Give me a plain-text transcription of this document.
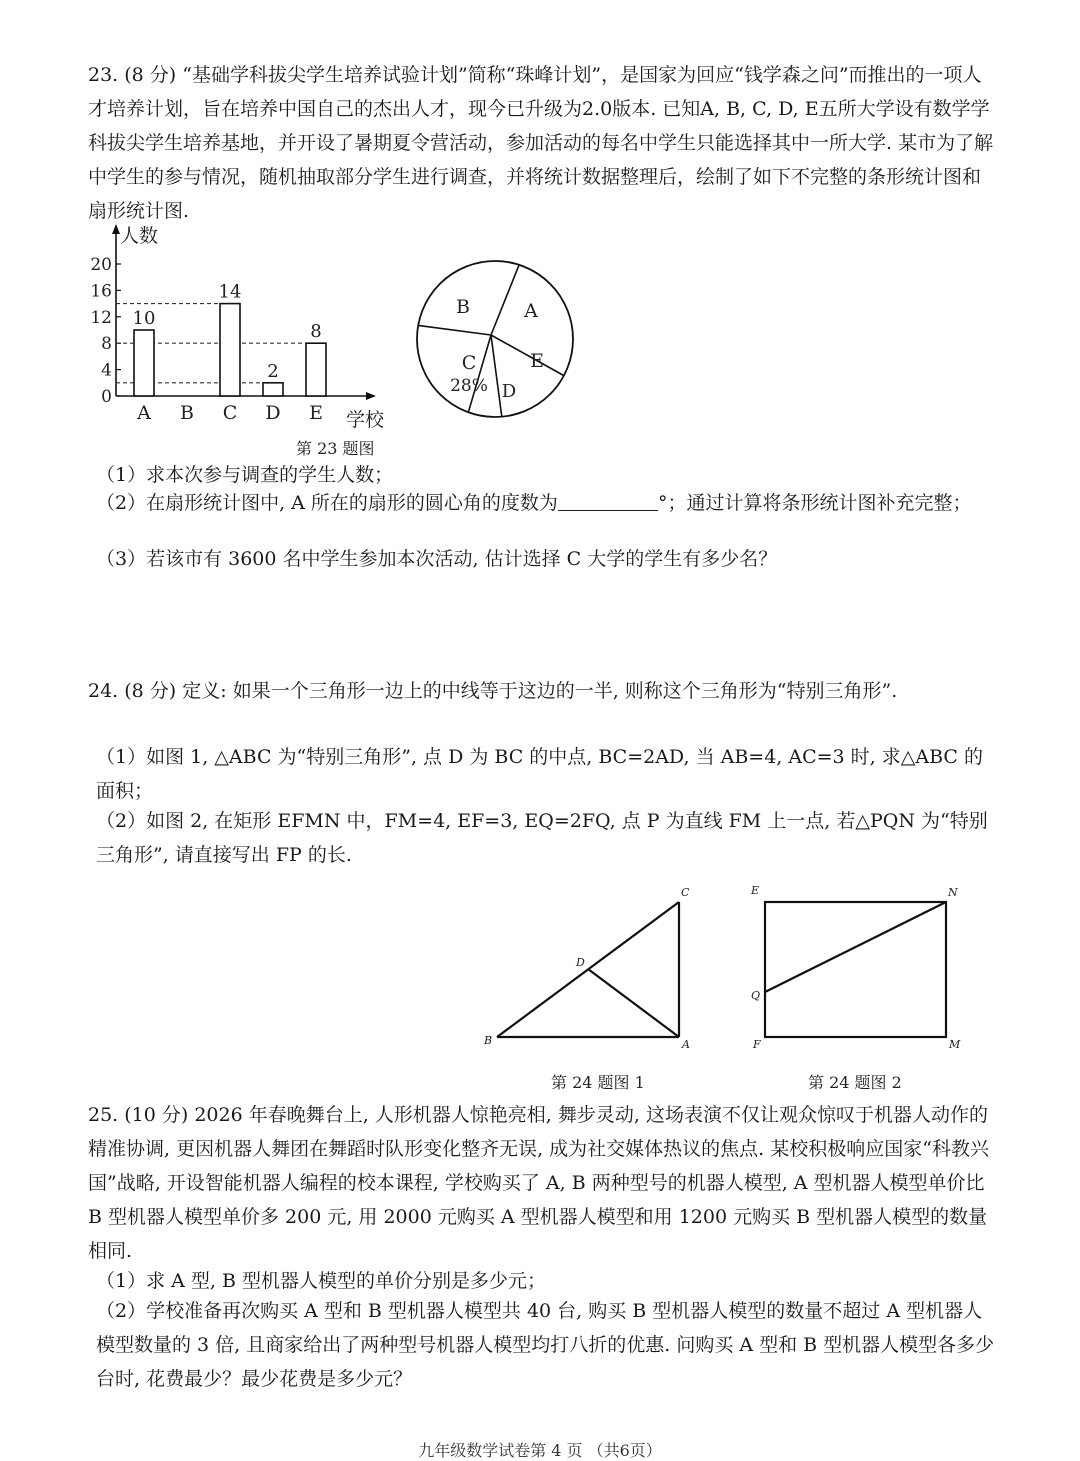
23. (8 分) “基础学科拔尖学生培养试验计划”简称“珠峰计划”，是国家为回应“钱学森之问”而推出的一项人才培养计划，旨在培养中国自己的杰出人才，现今已升级为2.0版本. 已知A, B, C, D, E五所大学设有数学学科拔尖学生培养基地，并开设了暑期夏令营活动，参加活动的每名中学生只能选择其中一所大学. 某市为了解中学生的参与情况，随机抽取部分学生进行调查，并将统计数据整理后，绘制了如下不完整的条形统计图和扇形统计图.

人数
学校
0
4
8
12
16
20
10
A B
14
C
2
D
8
E
A
B
C
D
E
28%
第 23 题图

（1）求本次参与调查的学生人数；

（2）在扇形统计图中, A 所在的扇形的圆心角的度数为	°；通过计算将条形统计图补充完整；

（3）若该市有 3600 名中学生参加本次活动, 估计选择 C 大学的学生有多少名？

24. (8 分) 定义: 如果一个三角形一边上的中线等于这边的一半, 则称这个三角形为“特别三角形”.

（1）如图 1, △ABC 为“特别三角形”, 点 D 为 BC 的中点, BC=2AD, 当 AB=4, AC=3 时, 求△ABC 的面积；

（2）如图 2, 在矩形 EFMN 中，FM=4, EF=3, EQ=2FQ, 点 P 为直线 FM 上一点, 若△PQN 为“特别三角形”, 请直接写出 FP 的长.

B	A
C
D
E	N
Q
F	M
第 24 题图 1	第 24 题图 2

25. (10 分) 2026 年春晚舞台上, 人形机器人惊艳亮相, 舞步灵动, 这场表演不仅让观众惊叹于机器人动作的精准协调, 更因机器人舞团在舞蹈时队形变化整齐无误, 成为社交媒体热议的焦点. 某校积极响应国家“科教兴国”战略, 开设智能机器人编程的校本课程, 学校购买了 A, B 两种型号的机器人模型, A 型机器人模型单价比 B 型机器人模型单价多 200 元, 用 2000 元购买 A 型机器人模型和用 1200 元购买 B 型机器人模型的数量相同.

（1）求 A 型, B 型机器人模型的单价分别是多少元；

（2）学校准备再次购买 A 型和 B 型机器人模型共 40 台, 购买 B 型机器人模型的数量不超过 A 型机器人模型数量的 3 倍, 且商家给出了两种型号机器人模型均打八折的优惠. 问购买 A 型和 B 型机器人模型各多少台时, 花费最少？最少花费是多少元？

九年级数学试卷第 4 页 （共6页）
